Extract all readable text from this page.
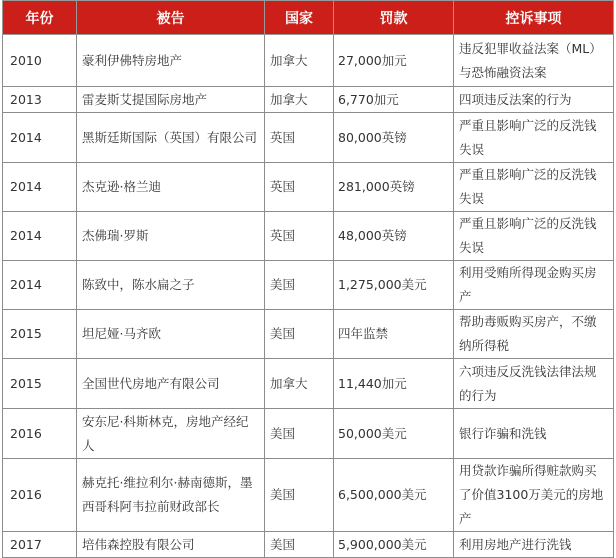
年份	被告	国家	罚款	控诉事项
2010	豪利伊佛特房地产	加拿大	27,000加元	违反犯罪收益法案（ML）与恐怖融资法案
2013	雷麦斯艾提国际房地产	加拿大	6,770加元	四项违反法案的行为
2014	黑斯廷斯国际（英国）有限公司	英国	80,000英镑	严重且影响广泛的反洗钱失误
2014	杰克逊·格兰迪	英国	281,000英镑	严重且影响广泛的反洗钱失误
2014	杰佛瑞·罗斯	英国	48,000英镑	严重且影响广泛的反洗钱失误
2014	陈致中，陈水扁之子	美国	1,275,000美元	利用受贿所得现金购买房产
2015	坦尼娅·马齐欧	美国	四年监禁	帮助毒贩购买房产，不缴纳所得税
2015	全国世代房地产有限公司	加拿大	11,440加元	六项违反反洗钱法律法规的行为
2016	安东尼·科斯林克，房地产经纪人	美国	50,000美元	银行诈骗和洗钱
2016	赫克托·维拉利尔·赫南德斯，墨西哥科阿韦拉前财政部长	美国	6,500,000美元	用贷款诈骗所得赃款购买了价值3100万美元的房地产
2017	培伟森控股有限公司	美国	5,900,000美元	利用房地产进行洗钱
